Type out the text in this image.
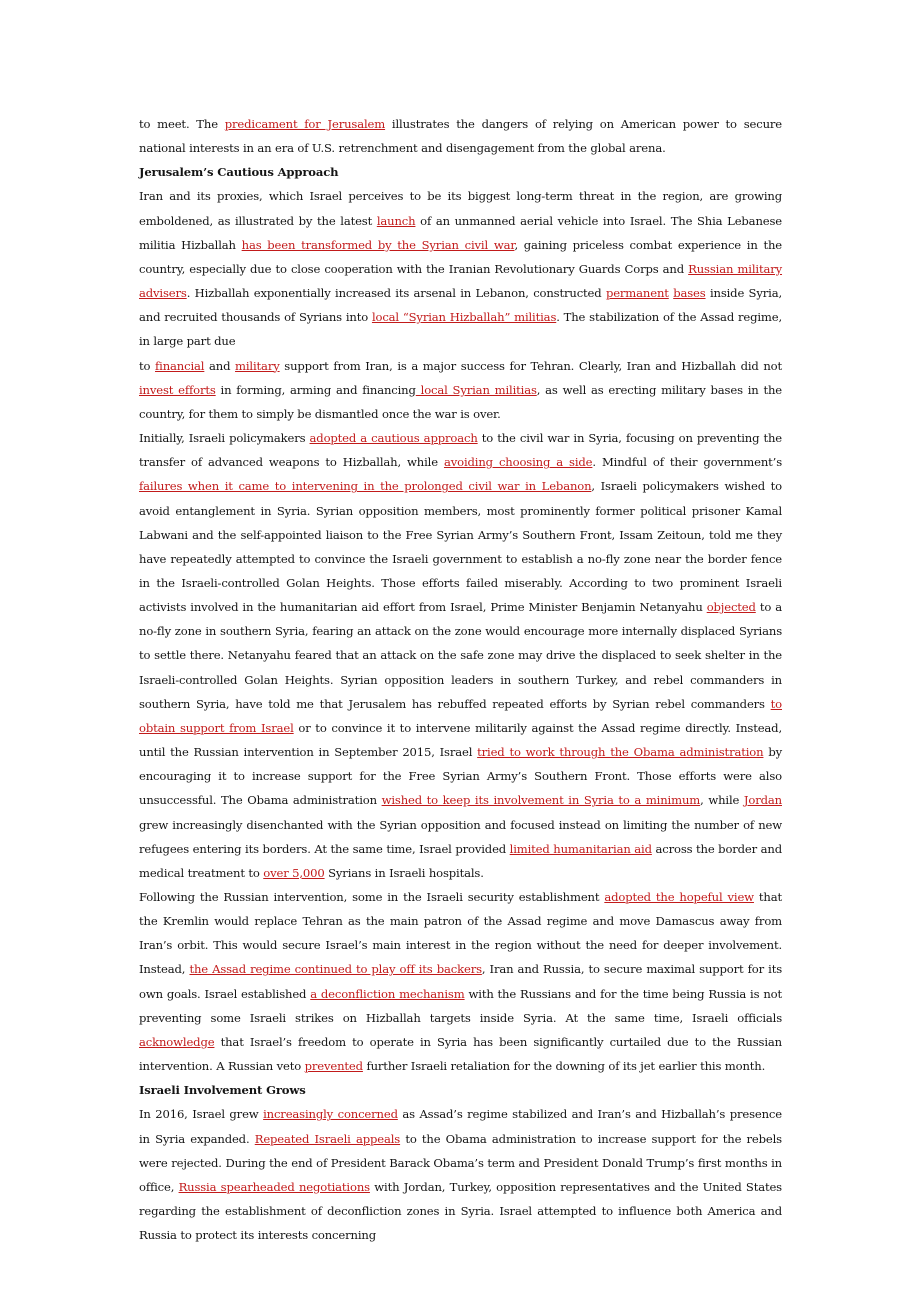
to meet. The predicament for Jerusalem illustrates the dangers of relying on American power to secure national interests in an era of U.S. retrenchment and disengagement from the global arena.

Jerusalem’s Cautious Approach

Iran and its proxies, which Israel perceives to be its biggest long-term threat in the region, are growing emboldened, as illustrated by the latest launch of an unmanned aerial vehicle into Israel. The Shia Lebanese militia Hizballah has been transformed by the Syrian civil war, gaining priceless combat experience in the country, especially due to close cooperation with the Iranian Revolutionary Guards Corps and Russian military advisers. Hizballah exponentially increased its arsenal in Lebanon, constructed permanent bases inside Syria, and recruited thousands of Syrians into local “Syrian Hizballah” militias. The stabilization of the Assad regime, in large part due

to financial and military support from Iran, is a major success for Tehran. Clearly, Iran and Hizballah did not invest efforts in forming, arming and financing local Syrian militias, as well as erecting military bases in the country, for them to simply be dismantled once the war is over.

Initially, Israeli policymakers adopted a cautious approach to the civil war in Syria, focusing on preventing the transfer of advanced weapons to Hizballah, while avoiding choosing a side. Mindful of their government’s failures when it came to intervening in the prolonged civil war in Lebanon, Israeli policymakers wished to avoid entanglement in Syria. Syrian opposition members, most prominently former political prisoner Kamal Labwani and the self-appointed liaison to the Free Syrian Army’s Southern Front, Issam Zeitoun, told me they have repeatedly attempted to convince the Israeli government to establish a no-fly zone near the border fence in the Israeli-controlled Golan Heights. Those efforts failed miserably. According to two prominent Israeli activists involved in the humanitarian aid effort from Israel, Prime Minister Benjamin Netanyahu objected to a no-fly zone in southern Syria, fearing an attack on the zone would encourage more internally displaced Syrians to settle there. Netanyahu feared that an attack on the safe zone may drive the displaced to seek shelter in the Israeli-controlled Golan Heights. Syrian opposition leaders in southern Turkey, and rebel commanders in southern Syria, have told me that Jerusalem has rebuffed repeated efforts by Syrian rebel commanders to obtain support from Israel or to convince it to intervene militarily against the Assad regime directly. Instead, until the Russian intervention in September 2015, Israel tried to work through the Obama administration by encouraging it to increase support for the Free Syrian Army’s Southern Front. Those efforts were also unsuccessful. The Obama administration wished to keep its involvement in Syria to a minimum, while Jordan grew increasingly disenchanted with the Syrian opposition and focused instead on limiting the number of new refugees entering its borders. At the same time, Israel provided limited humanitarian aid across the border and medical treatment to over 5,000 Syrians in Israeli hospitals.

Following the Russian intervention, some in the Israeli security establishment adopted the hopeful view that the Kremlin would replace Tehran as the main patron of the Assad regime and move Damascus away from Iran’s orbit. This would secure Israel’s main interest in the region without the need for deeper involvement. Instead, the Assad regime continued to play off its backers, Iran and Russia, to secure maximal support for its own goals. Israel established a deconfliction mechanism with the Russians and for the time being Russia is not preventing some Israeli strikes on Hizballah targets inside Syria. At the same time, Israeli officials acknowledge that Israel’s freedom to operate in Syria has been significantly curtailed due to the Russian intervention. A Russian veto prevented further Israeli retaliation for the downing of its jet earlier this month.

Israeli Involvement Grows

In 2016, Israel grew increasingly concerned as Assad’s regime stabilized and Iran’s and Hizballah’s presence in Syria expanded. Repeated Israeli appeals to the Obama administration to increase support for the rebels were rejected. During the end of President Barack Obama’s term and President Donald Trump’s first months in office, Russia spearheaded negotiations with Jordan, Turkey, opposition representatives and the United States regarding the establishment of deconfliction zones in Syria. Israel attempted to influence both America and Russia to protect its interests concerning
